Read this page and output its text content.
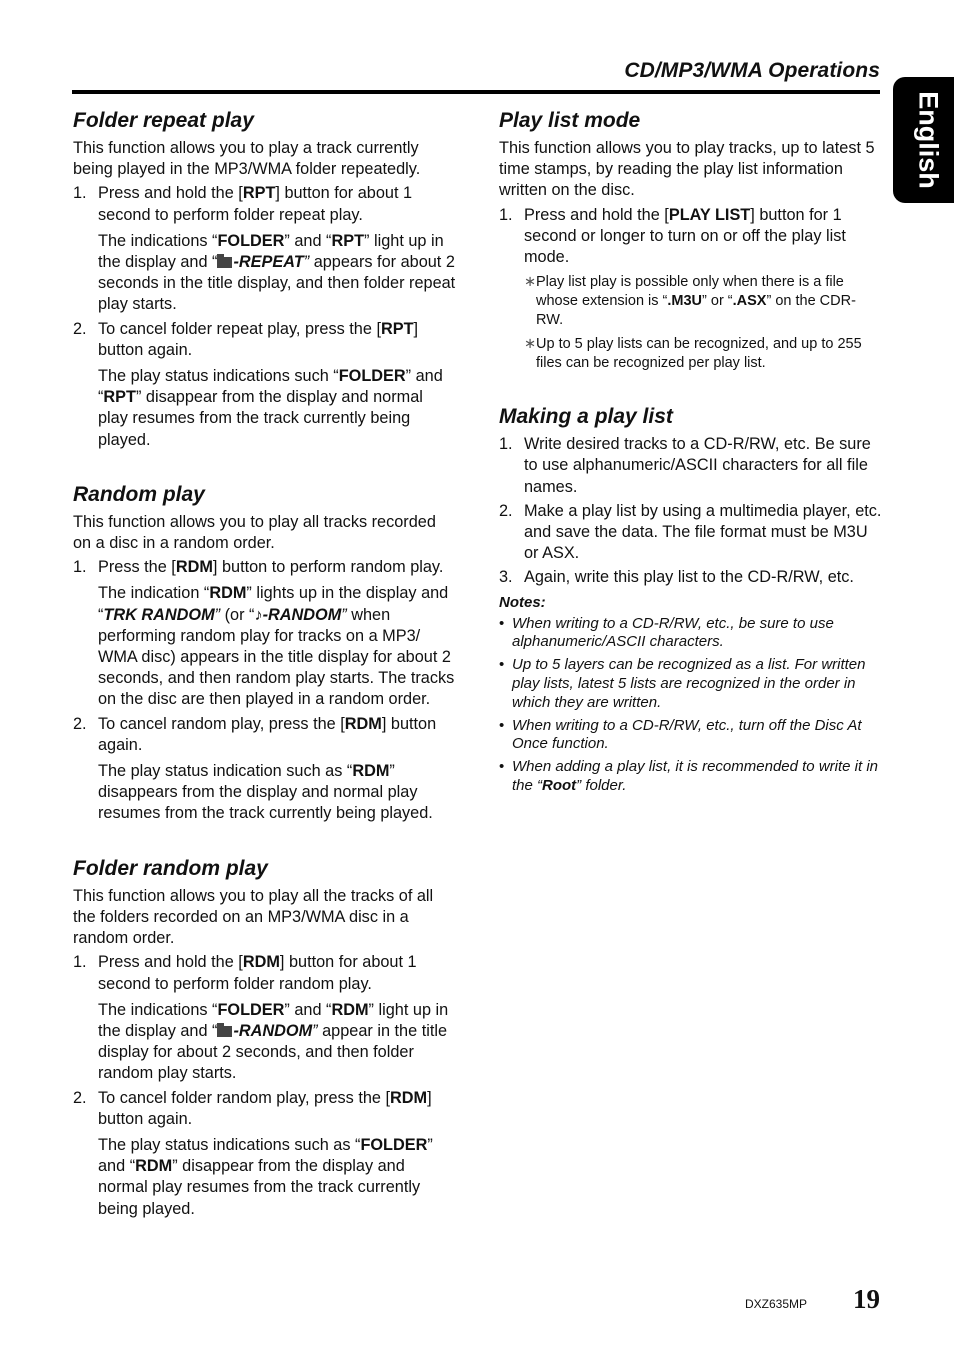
CD/MP3/WMA Operations
English
Folder repeat play

This function allows you to play a track currently being played in the MP3/WMA folder repeatedly.

1. Press and hold the [RPT] button for about 1 second to perform folder repeat play.

The indications “FOLDER” and “RPT” light up in the display and “ -REPEAT” appears for about 2 seconds in the title display, and then folder repeat play starts.

2. To cancel folder repeat play, press the [RPT] button again.

The play status indications such “FOLDER” and “RPT” disappear from the display and normal play resumes from the track currently being played.

Random play

This function allows you to play all tracks recorded on a disc in a random order.

1. Press the [RDM] button to perform random play.

The indication “RDM” lights up in the display and “TRK RANDOM” (or “♪-RANDOM” when performing random play for tracks on a MP3/ WMA disc) appears in the title display for about 2 seconds, and then random play starts. The tracks on the disc are then played in a random order.

2. To cancel random play, press the [RDM] button again.

The play status indication such as “RDM” disappears from the display and normal play resumes from the track currently being played.

Folder random play

This function allows you to play all the tracks of all the folders recorded on an MP3/WMA disc in a random order.

1. Press and hold the [RDM] button for about 1 second to perform folder random play.

The indications “FOLDER” and “RDM” light up in the display and “ -RANDOM” appear in the title display for about 2 seconds, and then folder random play starts.

2. To cancel folder random play, press the [RDM] button again.

The play status indications such as “FOLDER” and “RDM” disappear from the display and normal play resumes from the track currently being played.

Play list mode

This function allows you to play tracks, up to latest 5 time stamps, by reading the play list information written on the disc.

1. Press and hold the [PLAY LIST] button for 1 second or longer to turn on or off the play list mode.

∗ Play list play is possible only when there is a file whose extension is “.M3U” or “.ASX” on the CDR-RW.
∗ Up to 5 play lists can be recognized, and up to 255 files can be recognized per play list.
Making a play list
1. Write desired tracks to a CD-R/RW, etc. Be sure to use alphanumeric/ASCII characters for all file names.

2. Make a play list by using a multimedia player, etc. and save the data. The file format must be M3U or ASX.

3. Again, write this play list to the CD-R/RW, etc.

Notes:
• When writing to a CD-R/RW, etc., be sure to use alphanumeric/ASCII characters.
• Up to 5 layers can be recognized as a list. For written play lists, latest 5 lists are recognized in the order in which they are written.
• When writing to a CD-R/RW, etc., turn off the Disc At Once function.
• When adding a play list, it is recommended to write it in the “Root” folder.
DXZ635MP 19
